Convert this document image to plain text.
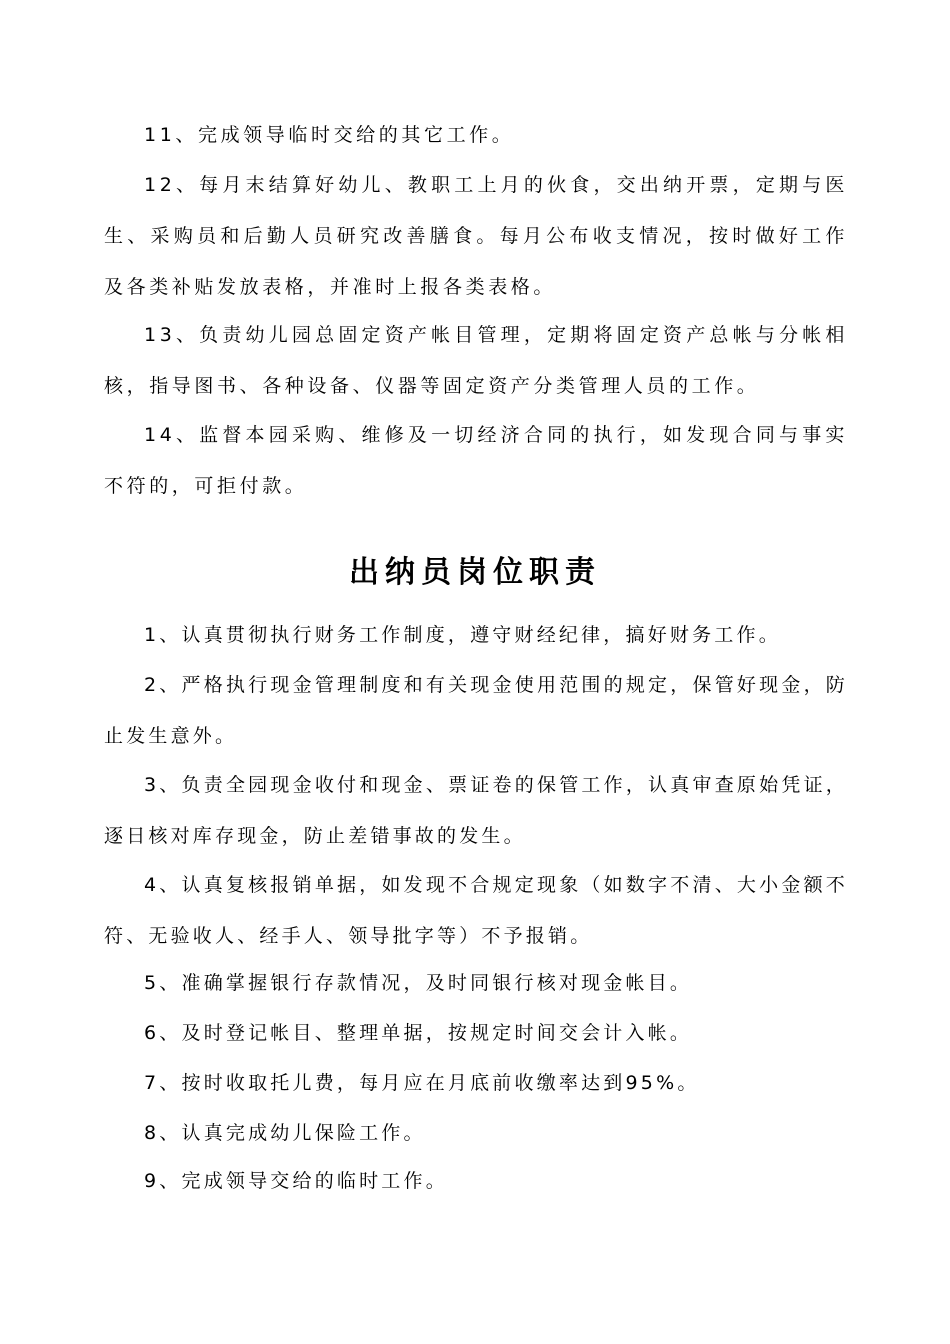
11、完成领导临时交给的其它工作。

12、每月末结算好幼儿、教职工上月的伙食，交出纳开票，定期与医生、采购员和后勤人员研究改善膳食。每月公布收支情况，按时做好工作及各类补贴发放表格，并准时上报各类表格。

13、负责幼儿园总固定资产帐目管理，定期将固定资产总帐与分帐相核，指导图书、各种设备、仪器等固定资产分类管理人员的工作。

14、监督本园采购、维修及一切经济合同的执行，如发现合同与事实不符的，可拒付款。

出纳员岗位职责

1、认真贯彻执行财务工作制度，遵守财经纪律，搞好财务工作。

2、严格执行现金管理制度和有关现金使用范围的规定，保管好现金，防止发生意外。

3、负责全园现金收付和现金、票证卷的保管工作，认真审查原始凭证，逐日核对库存现金，防止差错事故的发生。

4、认真复核报销单据，如发现不合规定现象（如数字不清、大小金额不符、无验收人、经手人、领导批字等）不予报销。

5、准确掌握银行存款情况，及时同银行核对现金帐目。

6、及时登记帐目、整理单据，按规定时间交会计入帐。

7、按时收取托儿费，每月应在月底前收缴率达到95%。

8、认真完成幼儿保险工作。

9、完成领导交给的临时工作。
